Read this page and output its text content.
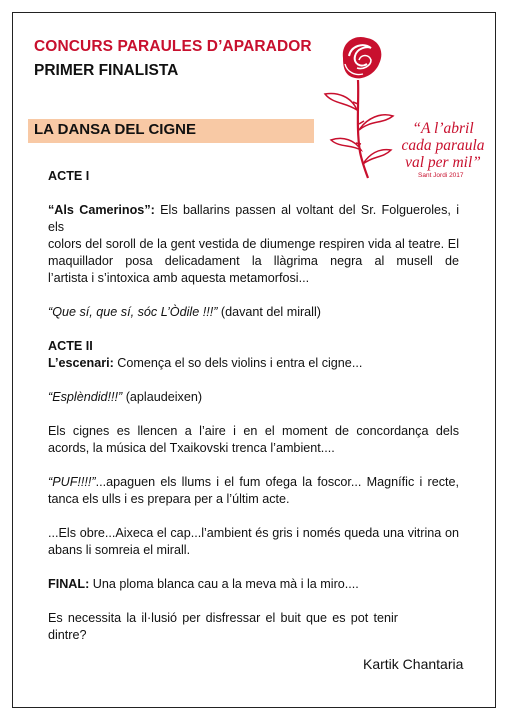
CONCURS PARAULES D’APARADOR
PRIMER FINALISTA
LA DANSA DEL CIGNE	“A l’abril
cada paraula
val per mil”
Sant Jordi 2017

ACTE I

“Als Camerinos”: Els ballarins passen al voltant del Sr. Folgueroles, i els

colors del soroll de la gent vestida de diumenge respiren vida al teatre. El

maquillador posa delicadament la llàgrima negra al musell de

l’artista i s’intoxica amb aquesta metamorfosi...

“Que sí, que sí, sóc L’Òdile !!!” (davant del mirall)

ACTE II

L’escenari: Comença el so dels violins i entra el cigne...

“Esplèndid!!!” (aplaudeixen)

Els cignes es llencen a l’aire i en el moment de concordança dels

acords, la música del Txaikovski trenca l’ambient....

“PUF!!!!”...apaguen els llums i el fum ofega la foscor... Magnífic i recte,

tanca els ulls i es prepara per a l’últim acte.

...Els obre...Aixeca el cap...l’ambient és gris i només queda una vitrina on

abans li somreia el mirall.

FINAL: Una ploma blanca cau a la meva mà i la miro....

Es necessita la il·lusió per disfressar el buit que es pot tenir

dintre?

Kartik Chantaria
